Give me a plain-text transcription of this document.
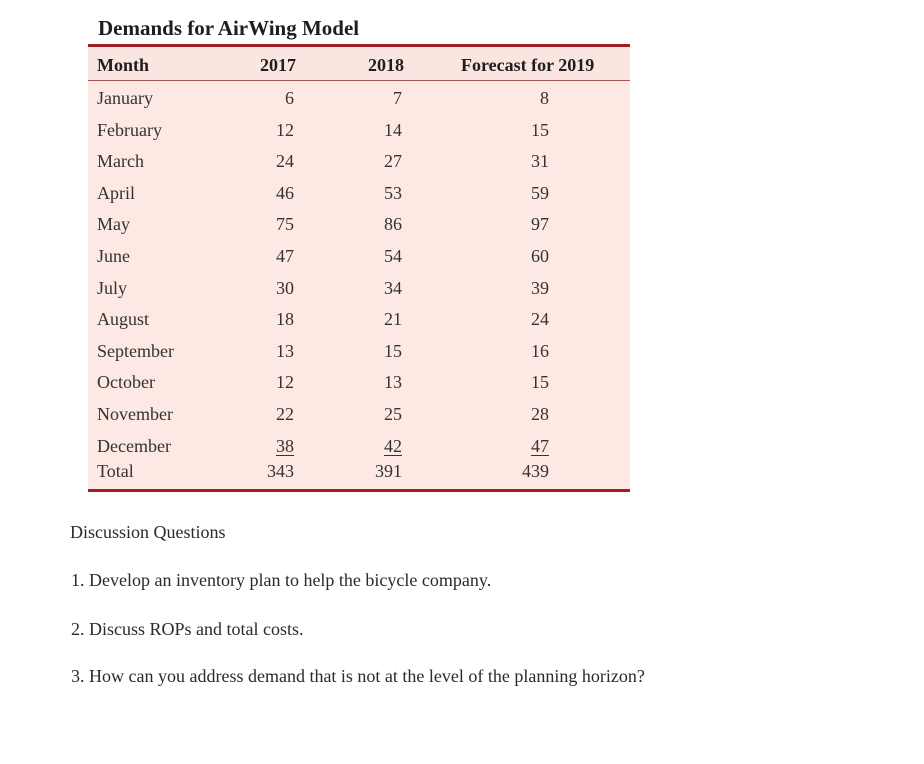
Demands for AirWing Model
Month	2017	2018	Forecast for 2019
January	6	7	8
February	12	14	15
March	24	27	31
April	46	53	59
May	75	86	97
June	47	54	60
July	30	34	39
August	18	21	24
September	13	15	16
October	12	13	15
November	22	25	28
December	38	42	47
Total	343	391	439
Discussion Questions
1. Develop an inventory plan to help the bicycle company.
2. Discuss ROPs and total costs.
3. How can you address demand that is not at the level of the planning horizon?
